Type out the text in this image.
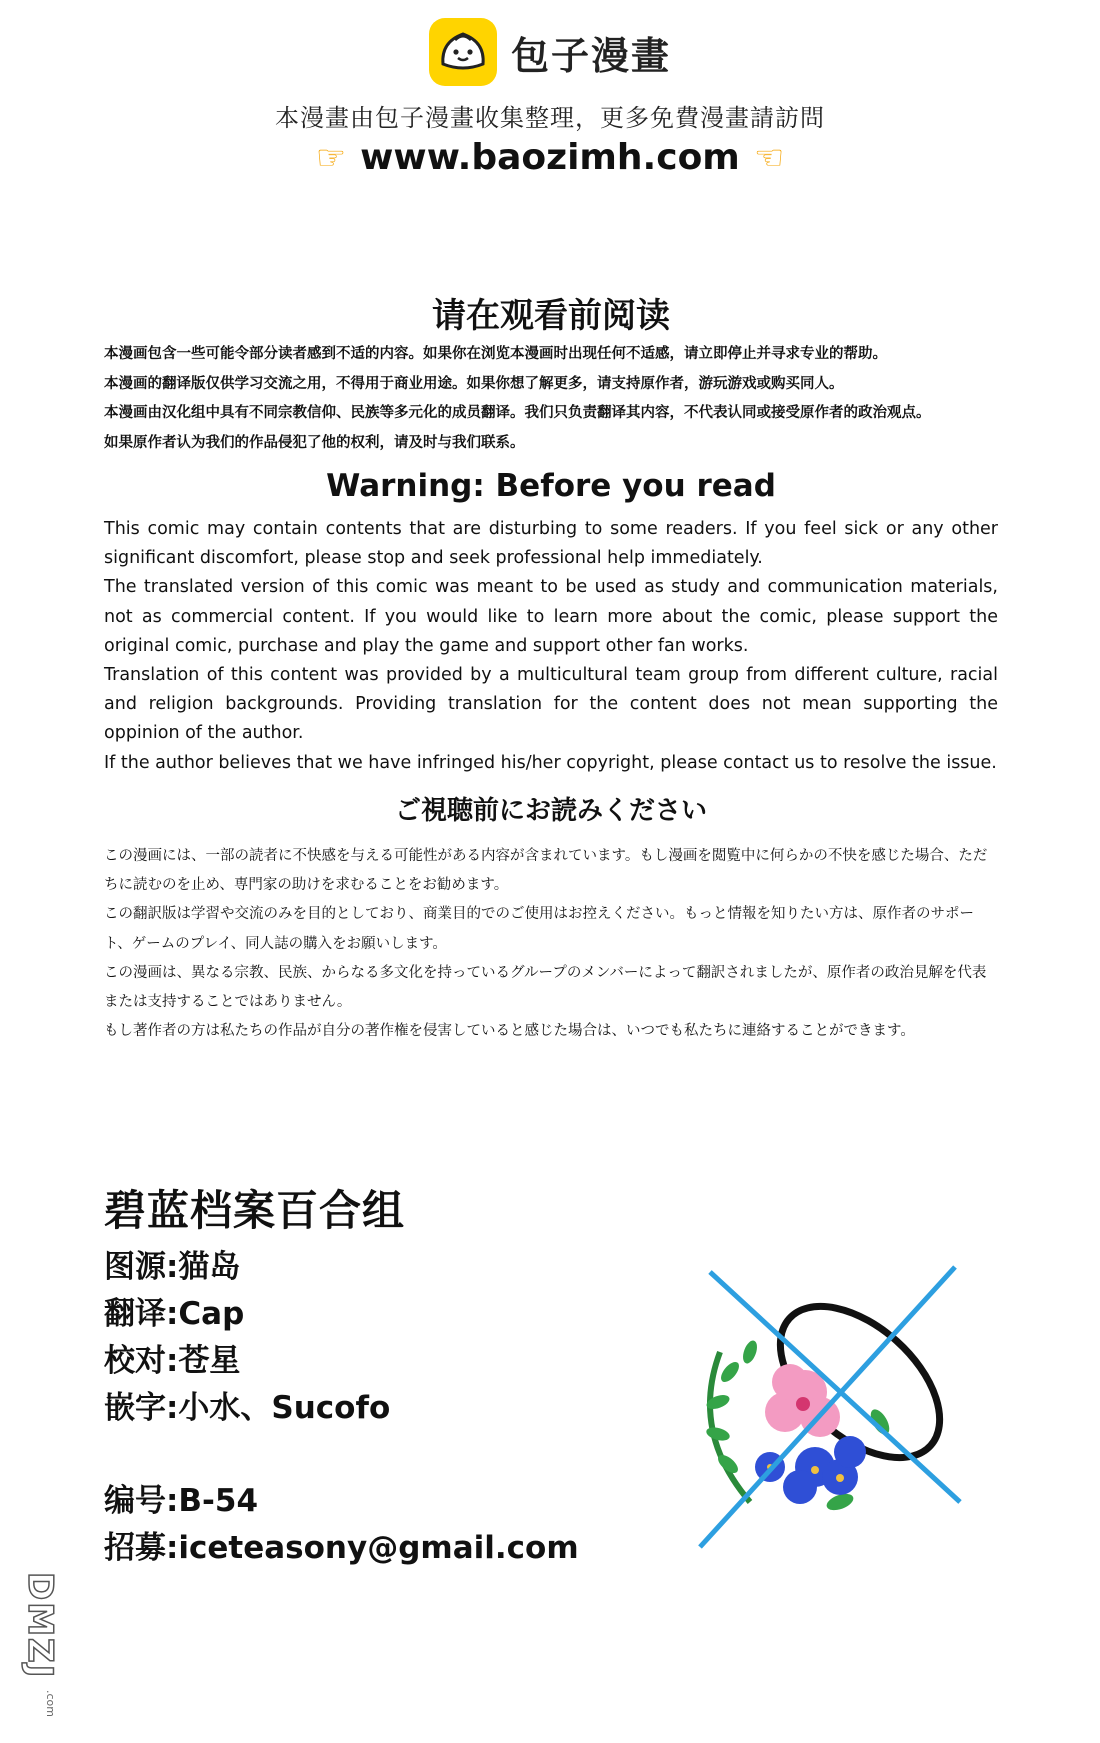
包子漫畫
本漫畫由包子漫畫收集整理，更多免費漫畫請訪問
☞ www.baozimh.com ☜
请在观看前阅读
本漫画包含一些可能令部分读者感到不适的内容。如果你在浏览本漫画时出现任何不适感，请立即停止并寻求专业的帮助。
本漫画的翻译版仅供学习交流之用，不得用于商业用途。如果你想了解更多，请支持原作者，游玩游戏或购买同人。
本漫画由汉化组中具有不同宗教信仰、民族等多元化的成员翻译。我们只负责翻译其内容，不代表认同或接受原作者的政治观点。
如果原作者认为我们的作品侵犯了他的权利，请及时与我们联系。
Warning: Before you read
This comic may contain contents that are disturbing to some readers. If you feel sick or any other significant discomfort, please stop and seek professional help immediately.
The translated version of this comic was meant to be used as study and communication materials, not as commercial content. If you would like to learn more about the comic, please support the original comic, purchase and play the game and support other fan works.
Translation of this content was provided by a multicultural team group from different culture, racial and religion backgrounds. Providing translation for the content does not mean supporting the oppinion of the author.
If the author believes that we have infringed his/her copyright, please contact us to resolve the issue.
ご視聴前にお読みください
この漫画には、一部の読者に不快感を与える可能性がある内容が含まれています。もし漫画を閲覧中に何らかの不快を感じた場合、ただちに読むのを止め、専門家の助けを求むることをお勧めます。
この翻訳版は学習や交流のみを目的としており、商業目的でのご使用はお控えください。もっと情報を知りたい方は、原作者のサポート、ゲームのプレイ、同人誌の購入をお願いします。
この漫画は、異なる宗教、民族、からなる多文化を持っているグループのメンバーによって翻訳されましたが、原作者の政治見解を代表または支持することではありません。
もし著作者の方は私たちの作品が自分の著作権を侵害していると感じた場合は、いつでも私たちに連絡することができます。
碧蓝档案百合组
图源:猫岛
翻译:Cap
校对:苍星
嵌字:小水、Sucofo
编号:B-54
招募:iceteasony@gmail.com
DMZJ
.com
